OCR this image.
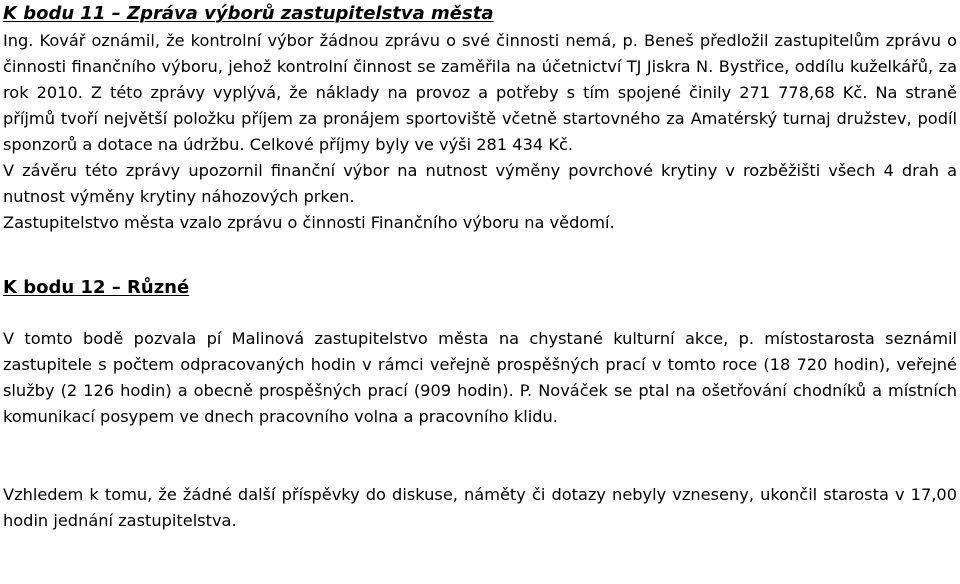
K bodu 11 – Zpráva výborů zastupitelstva města

Ing. Kovář oznámil, že kontrolní výbor žádnou zprávu o své činnosti nemá, p. Beneš předložil zastupitelům zprávu o činnosti finančního výboru, jehož kontrolní činnost se zaměřila na účetnictví TJ Jiskra N. Bystřice, oddílu kuželkářů, za rok 2010. Z této zprávy vyplývá, že náklady na provoz a potřeby s tím spojené činily 271 778,68 Kč. Na straně příjmů tvoří největší položku příjem za pronájem sportoviště včetně startovného za Amatérský turnaj družstev, podíl sponzorů a dotace na údržbu. Celkové příjmy byly ve výši 281 434 Kč.

V závěru této zprávy upozornil finanční výbor na nutnost výměny povrchové krytiny v rozběžišti všech 4 drah a nutnost výměny krytiny náhozových prken.

Zastupitelstvo města vzalo zprávu o činnosti Finančního výboru na vědomí.

K bodu 12 – Různé

V tomto bodě pozvala pí Malinová zastupitelstvo města na chystané kulturní akce, p. místostarosta seznámil zastupitele s počtem odpracovaných hodin v rámci veřejně prospěšných prací v tomto roce (18 720 hodin), veřejné služby (2 126 hodin) a obecně prospěšných prací (909 hodin). P. Nováček se ptal na ošetřování chodníků a místních komunikací posypem ve dnech pracovního volna a pracovního klidu.

Vzhledem k tomu, že žádné další příspěvky do diskuse, náměty či dotazy nebyly vzneseny, ukončil starosta v 17,00 hodin jednání zastupitelstva.
